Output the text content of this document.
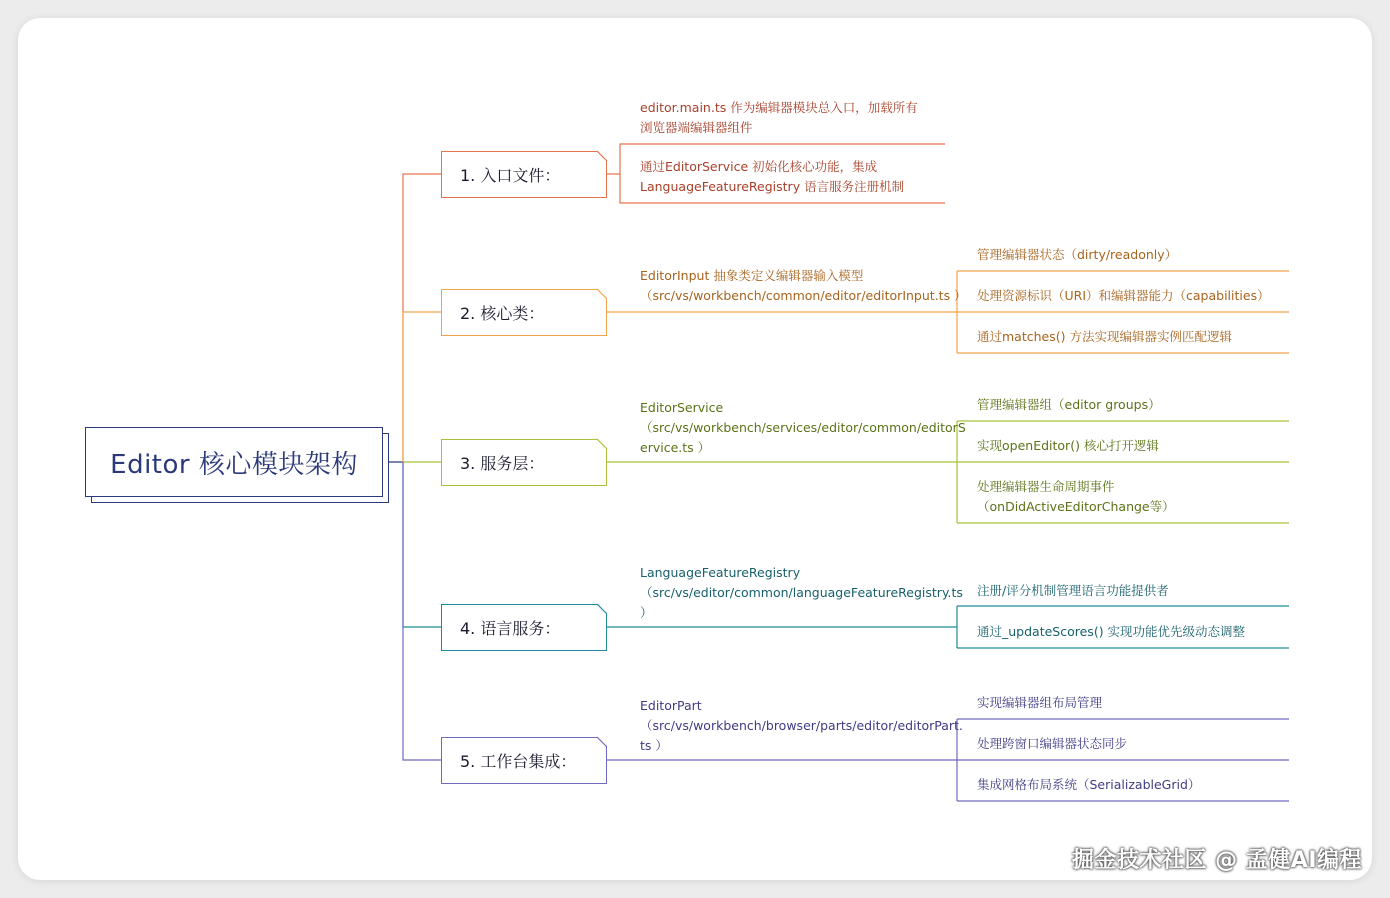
Editor 核心模块架构
1. 入口文件：
2. 核心类：
3. 服务层：
4. 语言服务：
5. 工作台集成：
editor.main.ts 作为编辑器模块总入口，加载所有
浏览器端编辑器组件
通过EditorService 初始化核心功能，集成
LanguageFeatureRegistry 语言服务注册机制
EditorInput 抽象类定义编辑器输入模型
（src/vs/workbench/common/editor/editorInput.ts ）
EditorService
（src/vs/workbench/services/editor/common/editorS
ervice.ts ）
LanguageFeatureRegistry
（src/vs/editor/common/languageFeatureRegistry.ts
）
EditorPart
（src/vs/workbench/browser/parts/editor/editorPart.
ts ）
管理编辑器状态（dirty/readonly）
处理资源标识（URI）和编辑器能力（capabilities）
通过matches() 方法实现编辑器实例匹配逻辑
管理编辑器组（editor groups）
实现openEditor() 核心打开逻辑
处理编辑器生命周期事件
（onDidActiveEditorChange等）
注册/评分机制管理语言功能提供者
通过_updateScores() 实现功能优先级动态调整
实现编辑器组布局管理
处理跨窗口编辑器状态同步
集成网格布局系统（SerializableGrid）
掘金技术社区 @ 孟健AI编程
